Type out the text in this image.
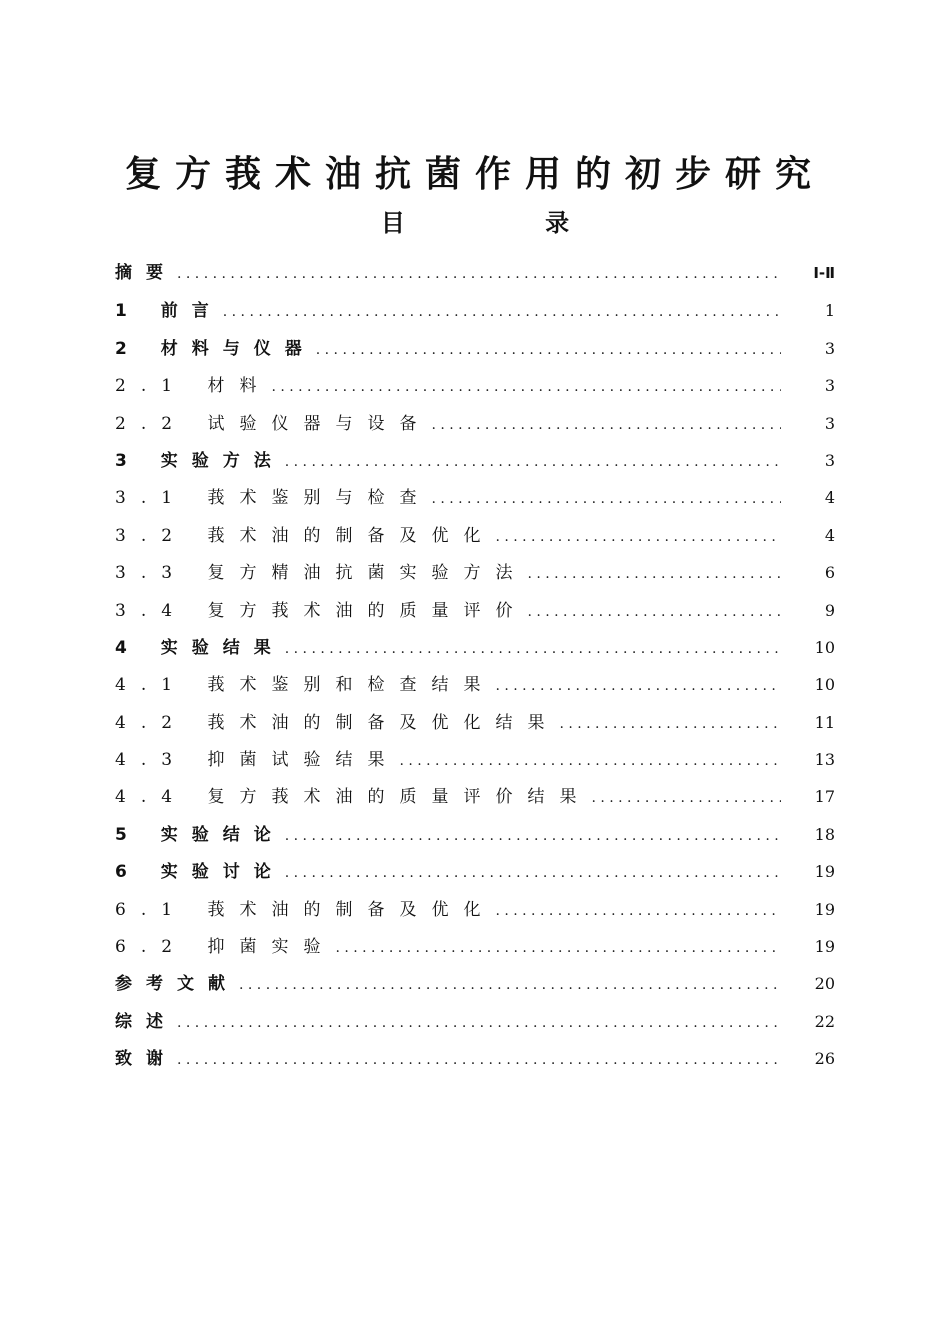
复方莪术油抗菌作用的初步研究
目 录
摘要 . . .	Ⅰ-Ⅱ
1 前言 . . .	1
2 材料与仪器 . . .	3
2.1 材料 . . .	3
2.2 试验仪器与设备 . . .	3
3 实验方法 . . .	3
3.1 莪术鉴别与检查 . . .	4
3.2 莪术油的制备及优化 . . .	4
3.3 复方精油抗菌实验方法 . . .	6
3.4 复方莪术油的质量评价 . . .	9
4 实验结果 . . .	10
4.1 莪术鉴别和检查结果 . . .	10
4.2 莪术油的制备及优化结果 . . .	11
4.3 抑菌试验结果 . . .	13
4.4 复方莪术油的质量评价结果 . . .	17
5 实验结论 . . .	18
6 实验讨论 . . .	19
6.1 莪术油的制备及优化 . . .	19
6.2 抑菌实验 . . .	19
参考文献 . . .	20
综述 . . .	22
致谢 . . .	26
